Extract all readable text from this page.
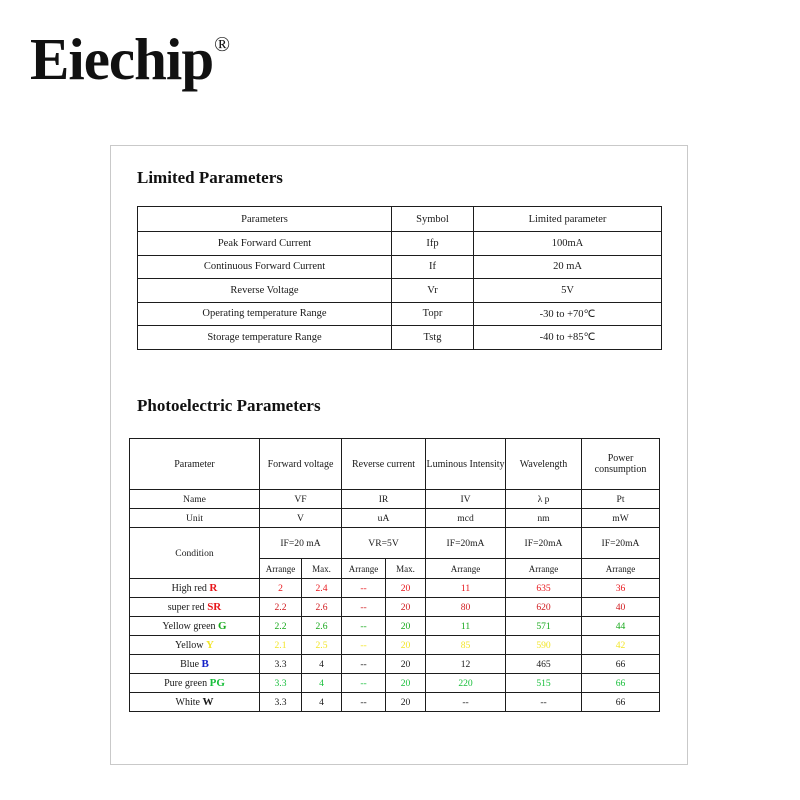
Eiechip ®
Limited Parameters
Parameters	Symbol	Limited parameter
Peak Forward Current	Ifp	100mA
Continuous Forward Current	If	20 mA
Reverse Voltage	Vr	5V
Operating temperature Range	Topr	-30 to +70℃
Storage temperature Range	Tstg	-40 to +85℃
Photoelectric Parameters
Parameter	Forward voltage		Reverse current		Luminous Intensity	Wavelength	Power consumption
Name	VF		IR		IV	λ p	Pt
Unit	V		uA		mcd	nm	mW
Condition	IF=20 mA		VR=5V		IF=20mA	IF=20mA	IF=20mA
	Arrange	Max.	Arrange	Max.	Arrange	Arrange	Arrange
High red R	2	2.4	--	20	11	635	36
super red SR	2.2	2.6	--	20	80	620	40
Yellow green G	2.2	2.6	--	20	11	571	44
Yellow Y	2.1	2.5	--	20	85	590	42
Blue B	3.3	4	--	20	12	465	66
Pure green PG	3.3	4	--	20	220	515	66
White W	3.3	4	--	20	--	--	66
